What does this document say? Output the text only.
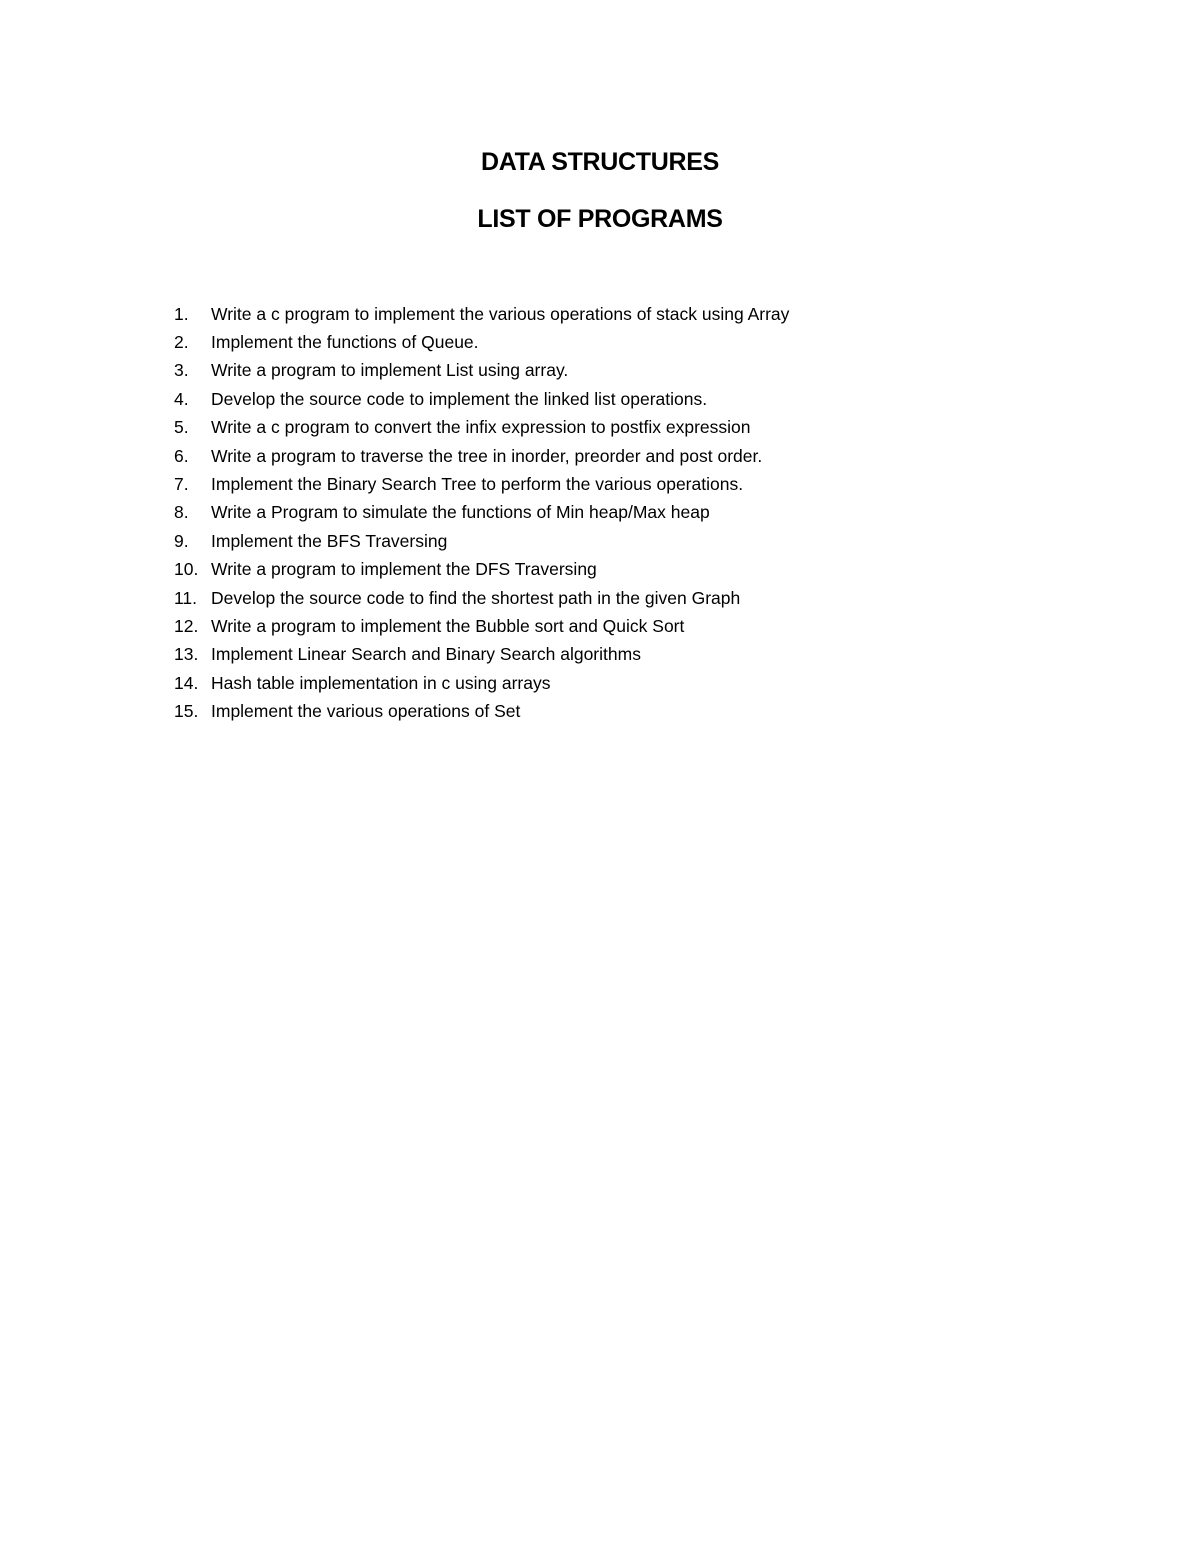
DATA STRUCTURES
LIST OF PROGRAMS
1.	Write a c program to implement the various operations of stack using Array
2.	Implement the functions of Queue.
3.	Write a program to implement List using array.
4.	Develop the source code to implement the linked list operations.
5.	Write a c program to convert the infix expression to postfix expression
6.	Write a program to traverse the tree in inorder, preorder and post order.
7.	Implement the Binary Search Tree to perform the various operations.
8.	Write a Program to simulate the functions of Min heap/Max heap
9.	Implement the BFS Traversing
10. Write a program to implement the DFS Traversing
11. Develop the source code to find the shortest path in the given Graph
12. Write a program to implement the Bubble sort and Quick Sort
13. Implement Linear Search and Binary Search algorithms
14. Hash table implementation in c using arrays
15. Implement the various operations of Set
